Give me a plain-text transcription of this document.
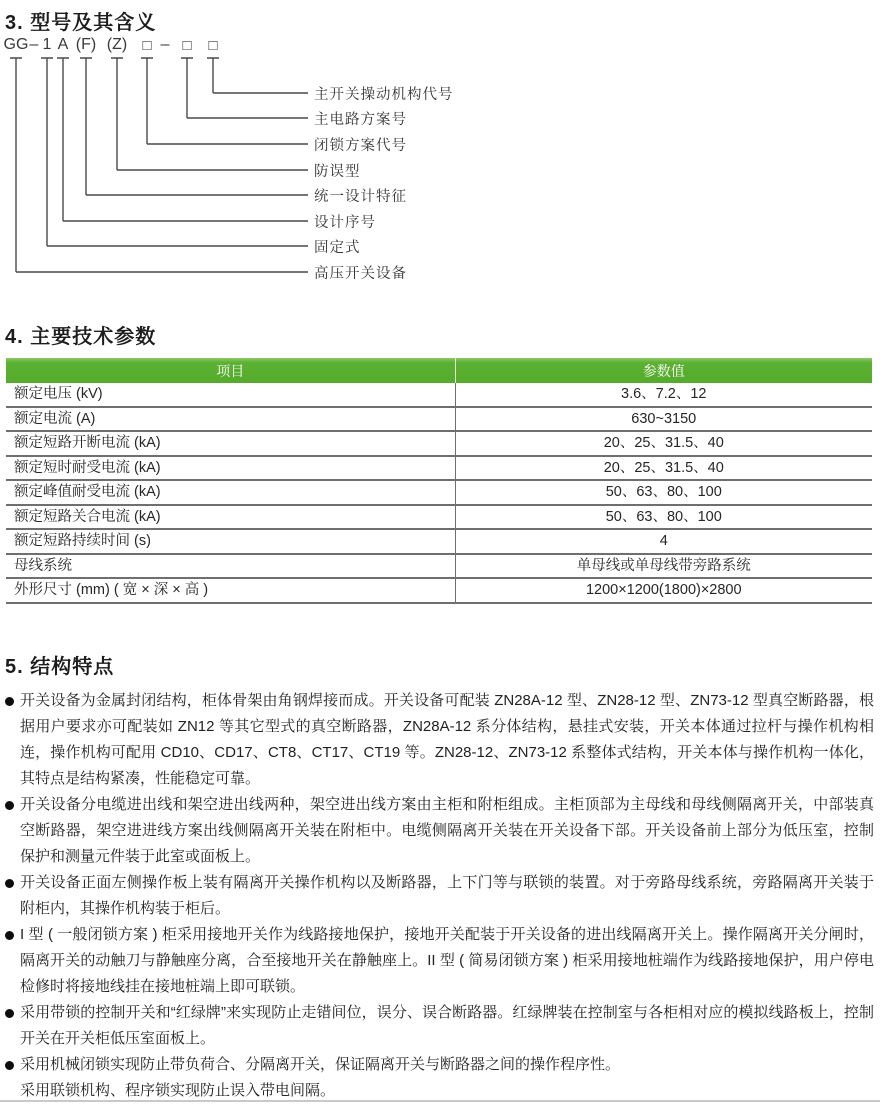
3. 型号及其含义
GG – 1 A (F) (Z) □ – □ □
主开关操动机构代号
主电路方案号
闭锁方案代号
防误型
统一设计特征
设计序号
固定式
高压开关设备
4. 主要技术参数
项目	参数值
额定电压 (kV)	3.6、7.2、12
额定电流 (A)	630~3150
额定短路开断电流 (kA)	20、25、31.5、40
额定短时耐受电流 (kA)	20、25、31.5、40
额定峰值耐受电流 (kA)	50、63、80、100
额定短路关合电流 (kA)	50、63、80、100
额定短路持续时间 (s)	4
母线系统	单母线或单母线带旁路系统
外形尺寸 (mm) ( 宽 × 深 × 高 )	1200×1200(1800)×2800
5. 结构特点
开关设备为金属封闭结构，柜体骨架由角钢焊接而成。开关设备可配装 ZN28A-12 型、ZN28-12 型、ZN73-12 型真空断路器，根据用户要求亦可配装如 ZN12 等其它型式的真空断路器，ZN28A-12 系分体结构，悬挂式安装，开关本体通过拉杆与操作机构相连，操作机构可配用 CD10、CD17、CT8、CT17、CT19 等。ZN28-12、ZN73-12 系整体式结构，开关本体与操作机构一体化，其特点是结构紧凑，性能稳定可靠。
开关设备分电缆进出线和架空进出线两种，架空进出线方案由主柜和附柜组成。主柜顶部为主母线和母线侧隔离开关，中部装真空断路器，架空进进线方案出线侧隔离开关装在附柜中。电缆侧隔离开关装在开关设备下部。开关设备前上部分为低压室，控制保护和测量元件装于此室或面板上。
开关设备正面左侧操作板上装有隔离开关操作机构以及断路器，上下门等与联锁的装置。对于旁路母线系统，旁路隔离开关装于附柜内，其操作机构装于柜后。
I 型 ( 一般闭锁方案 ) 柜采用接地开关作为线路接地保护，接地开关配装于开关设备的进出线隔离开关上。操作隔离开关分闸时，隔离开关的动触刀与静触座分离，合至接地开关在静触座上。II 型 ( 简易闭锁方案 ) 柜采用接地桩端作为线路接地保护，用户停电检修时将接地线挂在接地桩端上即可联锁。
采用带锁的控制开关和“红绿牌”来实现防止走错间位，误分、误合断路器。红绿牌装在控制室与各柜相对应的模拟线路板上，控制开关在开关柜低压室面板上。
采用机械闭锁实现防止带负荷合、分隔离开关，保证隔离开关与断路器之间的操作程序性。
采用联锁机构、程序锁实现防止误入带电间隔。
